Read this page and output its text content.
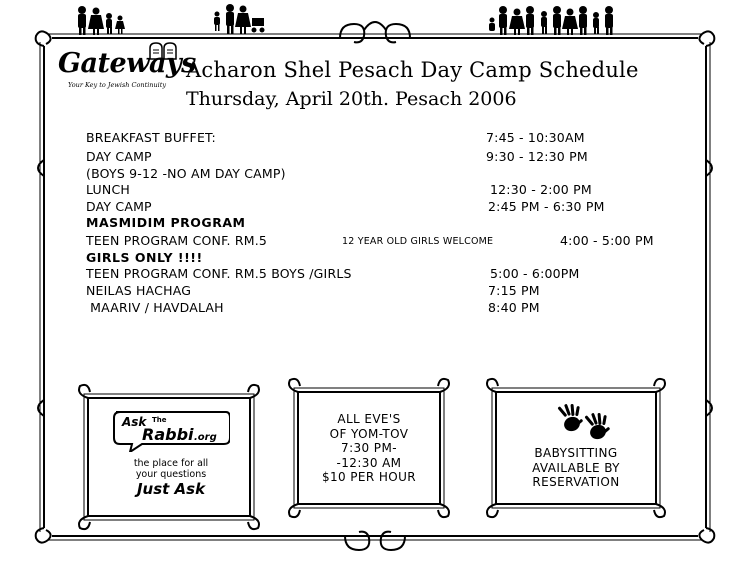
Gateways
Your Key to Jewish Continuity
Acharon Shel Pesach Day Camp Schedule
Thursday, April 20th. Pesach 2006
BREAKFAST BUFFET:	7:45 - 10:30AM
DAY CAMP	9:30 - 12:30 PM
(BOYS 9-12 -NO AM DAY CAMP)
LUNCH	12:30 - 2:00 PM
DAY CAMP	2:45 PM - 6:30 PM
MASMIDIM PROGRAM
TEEN PROGRAM CONF. RM.5	12 YEAR OLD GIRLS WELCOME	4:00 - 5:00 PM
GIRLS ONLY !!!!
TEEN PROGRAM CONF. RM.5 BOYS /GIRLS	5:00 - 6:00PM
NEILAS HACHAG	7:15 PM
MAARIV / HAVDALAH	8:40 PM
Ask The
Rabbi .org
the place for all
your questions
Just Ask
ALL EVE'S
OF YOM-TOV
7:30 PM-
-12:30 AM
$10 PER HOUR
BABYSITTING
AVAILABLE BY
RESERVATION
